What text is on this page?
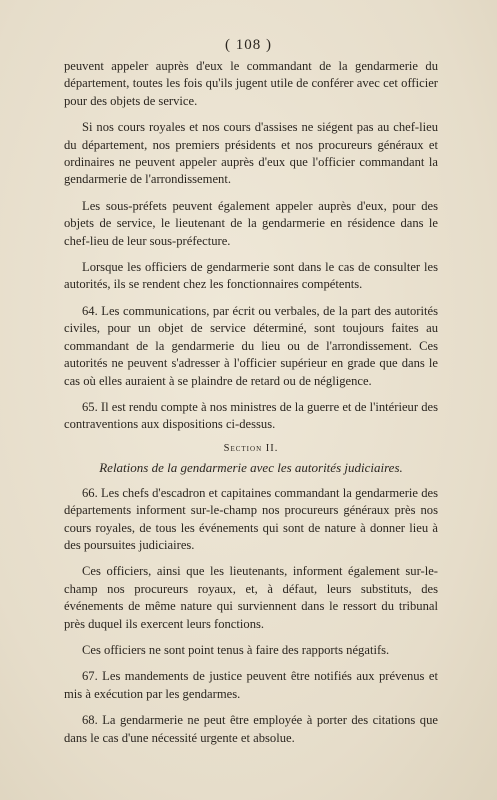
( 108 )

peuvent appeler auprès d'eux le commandant de la gendarmerie du département, toutes les fois qu'ils jugent utile de conférer avec cet officier pour des objets de service.

Si nos cours royales et nos cours d'assises ne siégent pas au chef-lieu du département, nos premiers présidents et nos procureurs généraux et ordinaires ne peuvent appeler auprès d'eux que l'officier commandant la gendarmerie de l'arrondissement.

Les sous-préfets peuvent également appeler auprès d'eux, pour des objets de service, le lieutenant de la gendarmerie en résidence dans le chef-lieu de leur sous-préfecture.

Lorsque les officiers de gendarmerie sont dans le cas de consulter les autorités, ils se rendent chez les fonctionnaires compétents.

64. Les communications, par écrit ou verbales, de la part des autorités civiles, pour un objet de service déterminé, sont toujours faites au commandant de la gendarmerie du lieu ou de l'arrondissement. Ces autorités ne peuvent s'adresser à l'officier supérieur en grade que dans le cas où elles auraient à se plaindre de retard ou de négligence.

65. Il est rendu compte à nos ministres de la guerre et de l'intérieur des contraventions aux dispositions ci-dessus.

Section II.
Relations de la gendarmerie avec les autorités judiciaires.

66. Les chefs d'escadron et capitaines commandant la gendarmerie des départements informent sur-le-champ nos procureurs généraux près nos cours royales, de tous les événements qui sont de nature à donner lieu à des poursuites judiciaires.

Ces officiers, ainsi que les lieutenants, informent également sur-le-champ nos procureurs royaux, et, à défaut, leurs substituts, des événements de même nature qui surviennent dans le ressort du tribunal près duquel ils exercent leurs fonctions.

Ces officiers ne sont point tenus à faire des rapports négatifs.

67. Les mandements de justice peuvent être notifiés aux prévenus et mis à exécution par les gendarmes.

68. La gendarmerie ne peut être employée à porter des citations que dans le cas d'une nécessité urgente et absolue.
